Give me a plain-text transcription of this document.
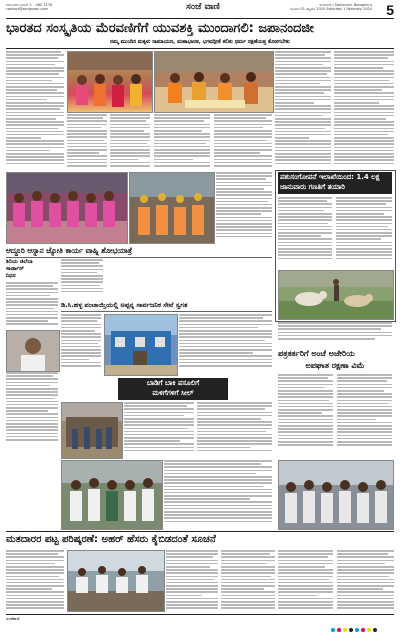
ಕರ್ನಾಟಕದ ನಂಬರ್ 1 - 080 7278
contact@sanjevani.com	ಸಂಜೆ ವಾಣಿ	ಸಂಜೆವಾಣಿ | Sanjevani, Bengaluru
ಶನಿವಾರ 01 ಫೆಬ್ರವರಿ 2020 Saturday 1 February 2020 5
ಭಾರತದ ಸಂಸ್ಕೃತಿಯ ಮೆರವಣಿಗೆಗೆ ಯುವಶಕ್ತಿ ಮುಂದಾಗಲಿ: ಜಪಾನಂದಜೀ
ನಮ್ಮ ಮುಂದಿನ ಮಕ್ಕಳು ರಾಮಾಯಣ, ಮಹಾಭಾರತ, ಭಗವದ್ಗೀತೆ ಕಲಿತು ಧರ್ಮ ರಕ್ಷಣೆಯತ್ತ ತೊಡಗಬೇಕು
ಪಶುಸಂಗೋಪನೆ ಇಲಾಖೆಯಿಂದ: 1.4 ಲಕ್ಷ
ಜಾನುವಾರು ಗಣತಿಗೆ ತಯಾರಿ
ಆದ್ದೂರಿ ಆಸ್ನಾನ ಜ್ಯೋತಿ ಕಾರ್ಯ ವಾಹ್ನಿ ಶೋಭಯಾತ್ರೆ
ಶಿರಿಯ ಜಿಲೆಲಾ
ಸಾರ್ಡಾರ್
ನಿಧನ
ಡಿ.ಸಿ.ಹಳ್ಳ ಪಂಚಾಯ್ತಿಯಲ್ಲಿ ಅಪ್ಪನ್ನ ಸಾರ್ವಜನಿಕ ಸೇವೆ ಸ್ವಗತ
ಬಾಡಿಗೆ ಬಾಕಿ ಪಸೂಲಿಗೆ
ಮಳಿಗೆಗಳಿಗೆ ಸೀಲ್
ಪತ್ರಕರ್ತರಿಗೆ ಅಂಚೆ ಅಜೇರಿಯ
ಅಪಘಾತ ರಕ್ಷಣಾ ವಿಮೆ
ಮತದಾರರ ಪಟ್ಟ ಪರಿಷ್ಕರಣೆ: ಅಹರ್ ಹೆಸರು ಕೈಬಿಡದಂತೆ ಸೂಚನೆ
ಸಂಜೆವಾಣಿ
